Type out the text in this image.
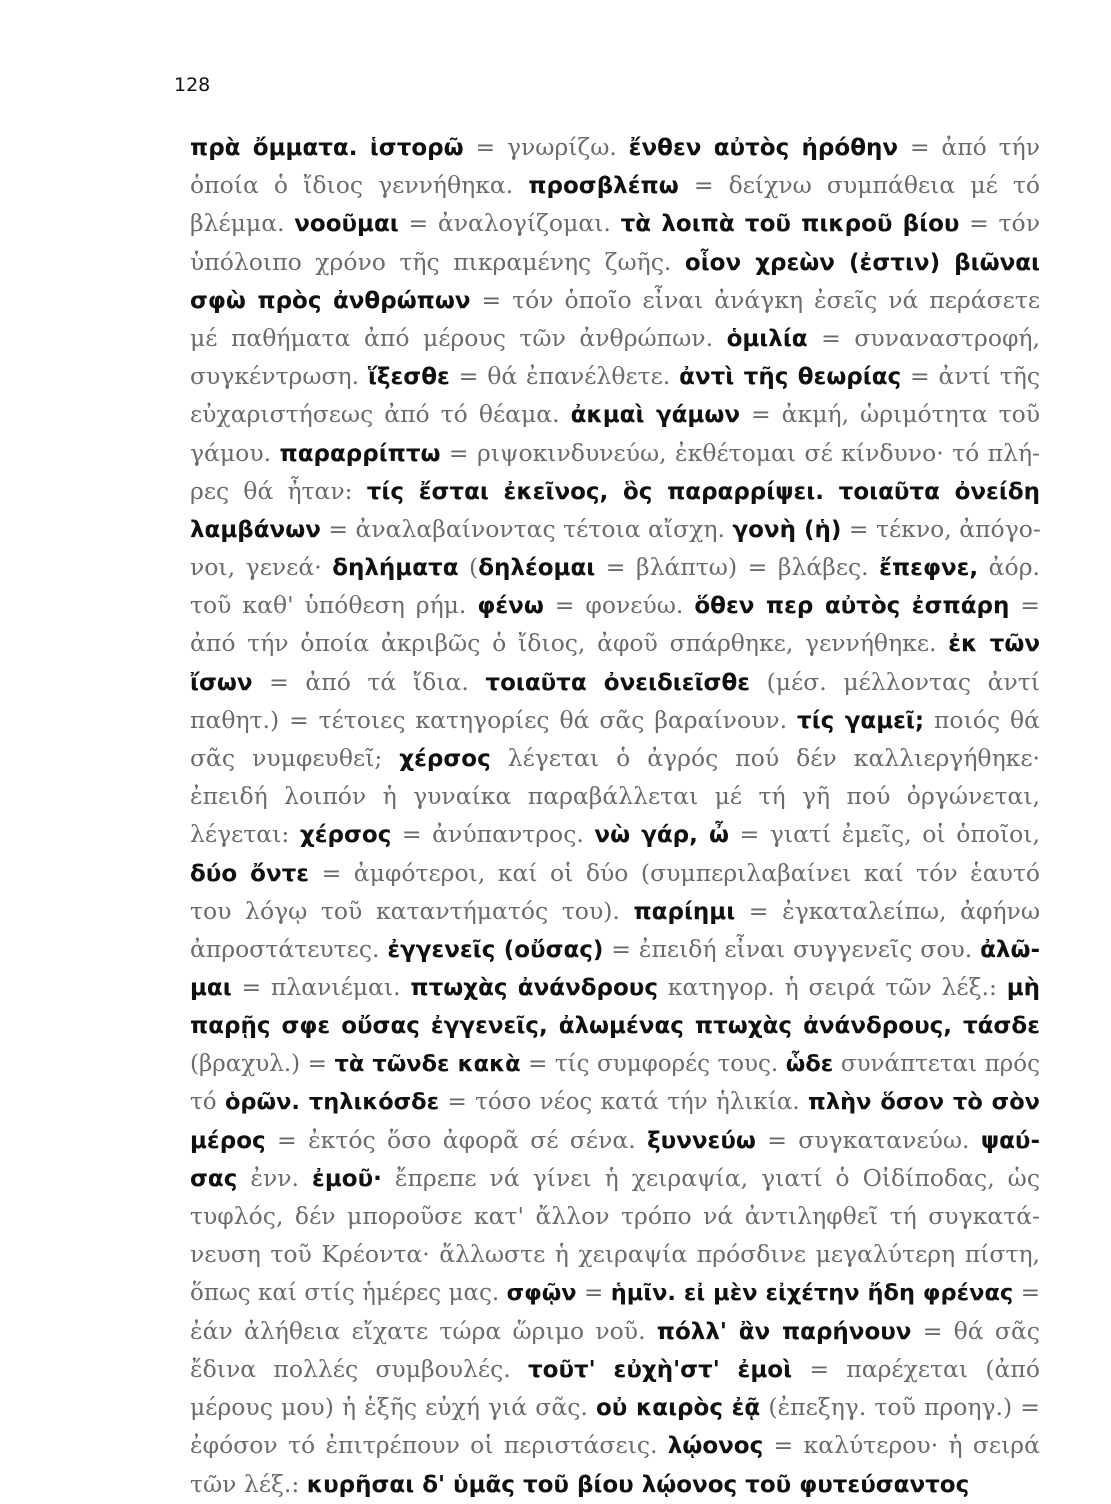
128
πρὰ ὄμματα. ἱστορῶ = γνωρίζω. ἔνθεν αὐτὸς ἠρόθην = ἀπό τήν
ὁποία ὁ ἴδιος γεννήθηκα. προσβλέπω = δείχνω συμπάθεια μέ τό
βλέμμα. νοοῦμαι = ἀναλογίζομαι. τὰ λοιπὰ τοῦ πικροῦ βίου = τόν
ὑπόλοιπο χρόνο τῆς πικραμένης ζωῆς. οἷον χρεὼν (ἐστιν) βιῶναι
σφὼ πρὸς ἀνθρώπων = τόν ὁποῖο εἶναι ἀνάγκη ἐσεῖς νά περάσετε
μέ παθήματα ἀπό μέρους τῶν ἀνθρώπων. ὁμιλία = συναναστροφή,
συγκέντρωση. ἵξεσθε = θά ἐπανέλθετε. ἀντὶ τῆς θεωρίας = ἀντί τῆς
εὐχαριστήσεως ἀπό τό θέαμα. ἀκμαὶ γάμων = ἀκμή, ὡριμότητα τοῦ
γάμου. παραρρίπτω = ριψοκινδυνεύω, ἐκθέτομαι σέ κίνδυνο· τό πλή-
ρες θά ἦταν: τίς ἔσται ἐκεῖνος, ὃς παραρρίψει. τοιαῦτα ὀνείδη
λαμβάνων = ἀναλαβαίνοντας τέτοια αἴσχη. γονὴ (ἡ) = τέκνο, ἀπόγο-
νοι, γενεά· δηλήματα (δηλέομαι = βλάπτω) = βλάβες. ἔπεφνε, ἀόρ.
τοῦ καθ' ὑπόθεση ρήμ. φένω = φονεύω. ὅθεν περ αὐτὸς ἐσπάρη =
ἀπό τήν ὁποία ἀκριβῶς ὁ ἴδιος, ἀφοῦ σπάρθηκε, γεννήθηκε. ἐκ τῶν
ἴσων = ἀπό τά ἴδια. τοιαῦτα ὀνειδιεῖσθε (μέσ. μέλλοντας ἀντί
παθητ.) = τέτοιες κατηγορίες θά σᾶς βαραίνουν. τίς γαμεῖ; ποιός θά
σᾶς νυμφευθεῖ; χέρσος λέγεται ὁ ἀγρός πού δέν καλλιεργήθηκε·
ἐπειδή λοιπόν ἡ γυναίκα παραβάλλεται μέ τή γῆ πού ὀργώνεται,
λέγεται: χέρσος = ἀνύπαντρος. νὼ γάρ, ὦ = γιατί ἐμεῖς, οἱ ὁποῖοι,
δύο ὄντε = ἀμφότεροι, καί οἱ δύο (συμπεριλαβαίνει καί τόν ἑαυτό
του λόγῳ τοῦ καταντήματός του). παρίημι = ἐγκαταλείπω, ἀφήνω
ἀπροστάτευτες. ἐγγενεῖς (οὔσας) = ἐπειδή εἶναι συγγενεῖς σου. ἀλῶ-
μαι = πλανιέμαι. πτωχὰς ἀνάνδρους κατηγορ. ἡ σειρά τῶν λέξ.: μὴ
παρῇς σφε οὔσας ἐγγενεῖς, ἀλωμένας πτωχὰς ἀνάνδρους, τάσδε
(βραχυλ.) = τὰ τῶνδε κακὰ = τίς συμφορές τους. ὧδε συνάπτεται πρός
τό ὁρῶν. τηλικόσδε = τόσο νέος κατά τήν ἡλικία. πλὴν ὅσον τὸ σὸν
μέρος = ἐκτός ὅσο ἀφορᾶ σέ σένα. ξυννεύω = συγκατανεύω. ψαύ-
σας ἐνν. ἐμοῦ· ἔπρεπε νά γίνει ἡ χειραψία, γιατί ὁ Οἰδίποδας, ὡς
τυφλός, δέν μποροῦσε κατ' ἄλλον τρόπο νά ἀντιληφθεῖ τή συγκατά-
νευση τοῦ Κρέοντα· ἄλλωστε ἡ χειραψία πρόσδινε μεγαλύτερη πίστη,
ὅπως καί στίς ἡμέρες μας. σφῷν = ἡμῖν. εἰ μὲν εἰχέτην ἤδη φρένας =
ἐάν ἀλήθεια εἴχατε τώρα ὥριμο νοῦ. πόλλ' ἂν παρήνουν = θά σᾶς
ἔδινα πολλές συμβουλές. τοῦτ' εὐχὴ'στ' ἐμοὶ = παρέχεται (ἀπό
μέρους μου) ἡ ἑξῆς εὐχή γιά σᾶς. οὐ καιρὸς ἐᾷ (ἐπεξηγ. τοῦ προηγ.) =
ἐφόσον τό ἐπιτρέπουν οἱ περιστάσεις. λῴονος = καλύτερου· ἡ σειρά
τῶν λέξ.: κυρῆσαι δ' ὑμᾶς τοῦ βίου λῴονος τοῦ φυτεύσαντος
